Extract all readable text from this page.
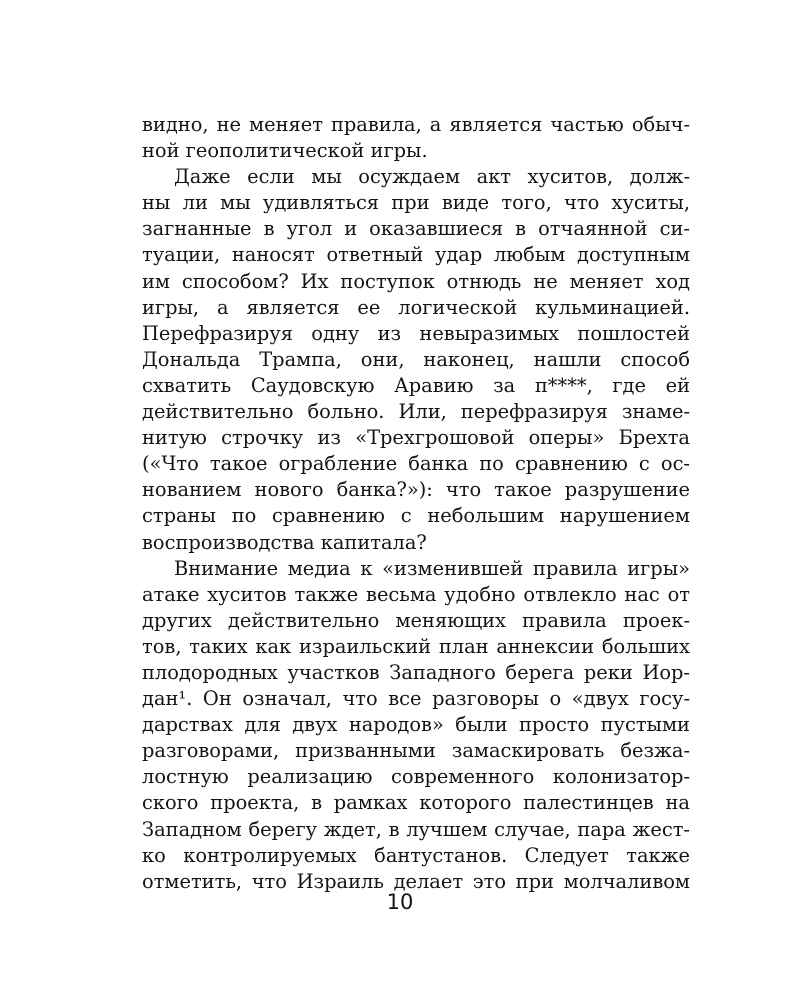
видно, не меняет правила, а является частью обыч-
ной геополитической игры.
Даже если мы осуждаем акт хуситов, долж-
ны ли мы удивляться при виде того, что хуситы,
загнанные в угол и оказавшиеся в отчаянной си-
туации, наносят ответный удар любым доступным
им способом? Их поступок отнюдь не меняет ход
игры, а является ее логической кульминацией.
Перефразируя одну из невыразимых пошлостей
Дональда Трампа, они, наконец, нашли способ
схватить Саудовскую Аравию за п****, где ей
действительно больно. Или, перефразируя знаме-
нитую строчку из «Трехгрошовой оперы» Брехта
(«Что такое ограбление банка по сравнению с ос-
нованием нового банка?»): что такое разрушение
страны по сравнению с небольшим нарушением
воспроизводства капитала?
Внимание медиа к «изменившей правила игры»
атаке хуситов также весьма удобно отвлекло нас от
других действительно меняющих правила проек-
тов, таких как израильский план аннексии больших
плодородных участков Западного берега реки Иор-
дан¹. Он означал, что все разговоры о «двух госу-
дарствах для двух народов» были просто пустыми
разговорами, призванными замаскировать безжа-
лостную реализацию современного колонизатор-
ского проекта, в рамках которого палестинцев на
Западном берегу ждет, в лучшем случае, пара жест-
ко контролируемых бантустанов. Следует также
отметить, что Израиль делает это при молчаливом
10
